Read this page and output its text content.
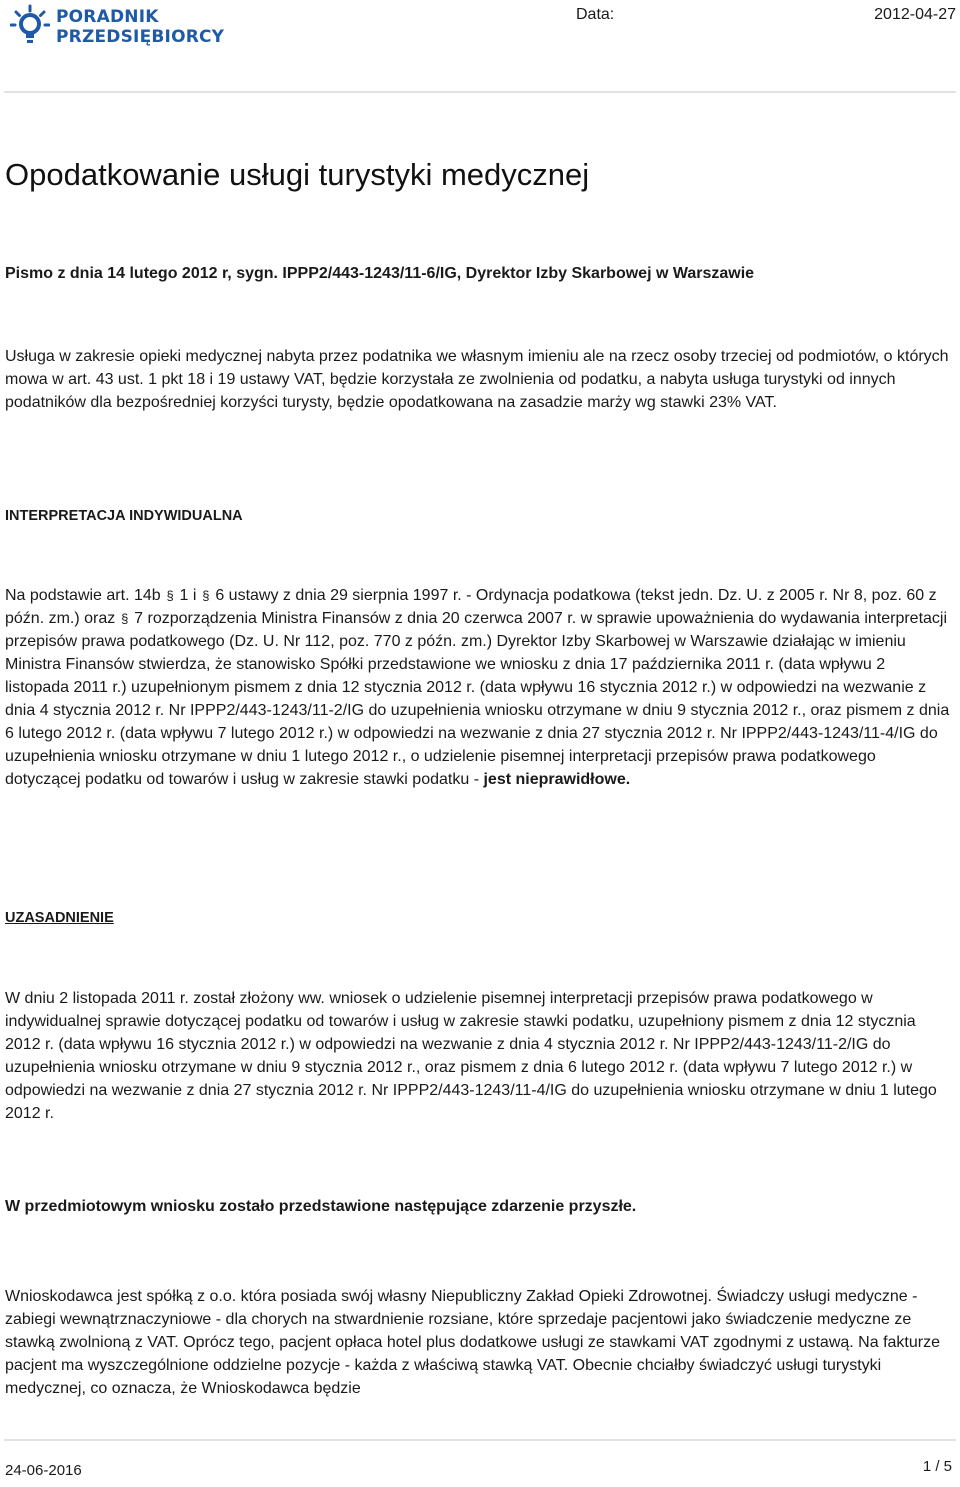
PORADNIK
PRZEDSIĘBIORCY
Data:	2012-04-27
Opodatkowanie usługi turystyki medycznej

Pismo z dnia 14 lutego 2012 r, sygn. IPPP2/443-1243/11-6/IG, Dyrektor Izby Skarbowej w Warszawie

Usługa w zakresie opieki medycznej nabyta przez podatnika we własnym imieniu ale na rzecz osoby trzeciej od podmiotów, o których mowa w art. 43 ust. 1 pkt 18 i 19 ustawy VAT, będzie korzystała ze zwolnienia od podatku, a nabyta usługa turystyki od innych podatników dla bezpośredniej korzyści turysty, będzie opodatkowana na zasadzie marży wg stawki 23% VAT.

INTERPRETACJA INDYWIDUALNA

Na podstawie art. 14b § 1 i § 6 ustawy z dnia 29 sierpnia 1997 r. - Ordynacja podatkowa (tekst jedn. Dz. U. z 2005 r. Nr 8, poz. 60 z późn. zm.) oraz § 7 rozporządzenia Ministra Finansów z dnia 20 czerwca 2007 r. w sprawie upoważnienia do wydawania interpretacji przepisów prawa podatkowego (Dz. U. Nr 112, poz. 770 z późn. zm.) Dyrektor Izby Skarbowej w Warszawie działając w imieniu Ministra Finansów stwierdza, że stanowisko Spółki przedstawione we wniosku z dnia 17 października 2011 r. (data wpływu 2 listopada 2011 r.) uzupełnionym pismem z dnia 12 stycznia 2012 r. (data wpływu 16 stycznia 2012 r.) w odpowiedzi na wezwanie z dnia 4 stycznia 2012 r. Nr IPPP2/443-1243/11-2/IG do uzupełnienia wniosku otrzymane w dniu 9 stycznia 2012 r., oraz pismem z dnia 6 lutego 2012 r. (data wpływu 7 lutego 2012 r.) w odpowiedzi na wezwanie z dnia 27 stycznia 2012 r. Nr IPPP2/443-1243/11-4/IG do uzupełnienia wniosku otrzymane w dniu 1 lutego 2012 r., o udzielenie pisemnej interpretacji przepisów prawa podatkowego dotyczącej podatku od towarów i usług w zakresie stawki podatku - jest nieprawidłowe.

UZASADNIENIE

W dniu 2 listopada 2011 r. został złożony ww. wniosek o udzielenie pisemnej interpretacji przepisów prawa podatkowego w indywidualnej sprawie dotyczącej podatku od towarów i usług w zakresie stawki podatku, uzupełniony pismem z dnia 12 stycznia 2012 r. (data wpływu 16 stycznia 2012 r.) w odpowiedzi na wezwanie z dnia 4 stycznia 2012 r. Nr IPPP2/443-1243/11-2/IG do uzupełnienia wniosku otrzymane w dniu 9 stycznia 2012 r., oraz pismem z dnia 6 lutego 2012 r. (data wpływu 7 lutego 2012 r.) w odpowiedzi na wezwanie z dnia 27 stycznia 2012 r. Nr IPPP2/443-1243/11-4/IG do uzupełnienia wniosku otrzymane w dniu 1 lutego 2012 r.

W przedmiotowym wniosku zostało przedstawione następujące zdarzenie przyszłe.

Wnioskodawca jest spółką z o.o. która posiada swój własny Niepubliczny Zakład Opieki Zdrowotnej. Świadczy usługi medyczne - zabiegi wewnątrznaczyniowe - dla chorych na stwardnienie rozsiane, które sprzedaje pacjentowi jako świadczenie medyczne ze stawką zwolnioną z VAT. Oprócz tego, pacjent opłaca hotel plus dodatkowe usługi ze stawkami VAT zgodnymi z ustawą. Na fakturze pacjent ma wyszczególnione oddzielne pozycje - każda z właściwą stawką VAT. Obecnie chciałby świadczyć usługi turystyki medycznej, co oznacza, że Wnioskodawca będzie

24-06-2016	1 / 5
